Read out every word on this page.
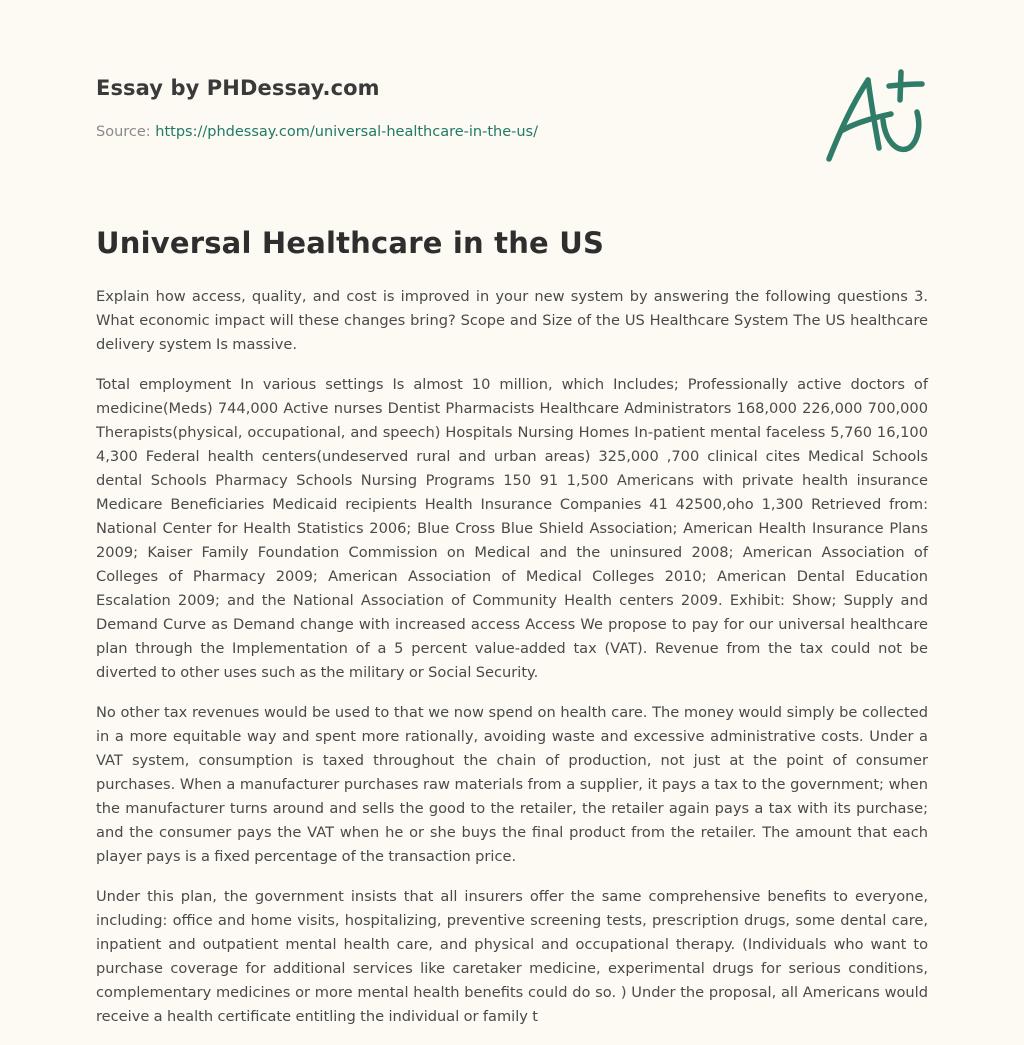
Essay by PHDessay.com

Source: https://phdessay.com/universal-healthcare-in-the-us/

Universal Healthcare in the US

Explain how access, quality, and cost is improved in your new system by answering the following questions 3. What economic impact will these changes bring? Scope and Size of the US Healthcare System The US healthcare delivery system Is massive.

Total employment In various settings Is almost 10 million, which Includes; Professionally active doctors of medicine(Meds) 744,000 Active nurses Dentist Pharmacists Healthcare Administrators 168,000 226,000 700,000 Therapists(physical, occupational, and speech) Hospitals Nursing Homes In-patient mental faceless 5,760 16,100 4,300 Federal health centers(undeserved rural and urban areas) 325,000 ,700 clinical cites Medical Schools dental Schools Pharmacy Schools Nursing Programs 150 91 1,500 Americans with private health insurance Medicare Beneficiaries Medicaid recipients Health Insurance Companies 41 42500,oho 1,300 Retrieved from: National Center for Health Statistics 2006; Blue Cross Blue Shield Association; American Health Insurance Plans 2009; Kaiser Family Foundation Commission on Medical and the uninsured 2008; American Association of Colleges of Pharmacy 2009; American Association of Medical Colleges 2010; American Dental Education Escalation 2009; and the National Association of Community Health centers 2009. Exhibit: Show; Supply and Demand Curve as Demand change with increased access Access We propose to pay for our universal healthcare plan through the Implementation of a 5 percent value-added tax (VAT). Revenue from the tax could not be diverted to other uses such as the military or Social Security.

No other tax revenues would be used to that we now spend on health care. The money would simply be collected in a more equitable way and spent more rationally, avoiding waste and excessive administrative costs. Under a VAT system, consumption is taxed throughout the chain of production, not just at the point of consumer purchases. When a manufacturer purchases raw materials from a supplier, it pays a tax to the government; when the manufacturer turns around and sells the good to the retailer, the retailer again pays a tax with its purchase; and the consumer pays the VAT when he or she buys the final product from the retailer. The amount that each player pays is a fixed percentage of the transaction price.

Under this plan, the government insists that all insurers offer the same comprehensive benefits to everyone, including: office and home visits, hospitalizing, preventive screening tests, prescription drugs, some dental care, inpatient and outpatient mental health care, and physical and occupational therapy. (Individuals who want to purchase coverage for additional services like caretaker medicine, experimental drugs for serious conditions, complementary medicines or more mental health benefits could do so. ) Under the proposal, all Americans would receive a health certificate entitling the individual or family t
